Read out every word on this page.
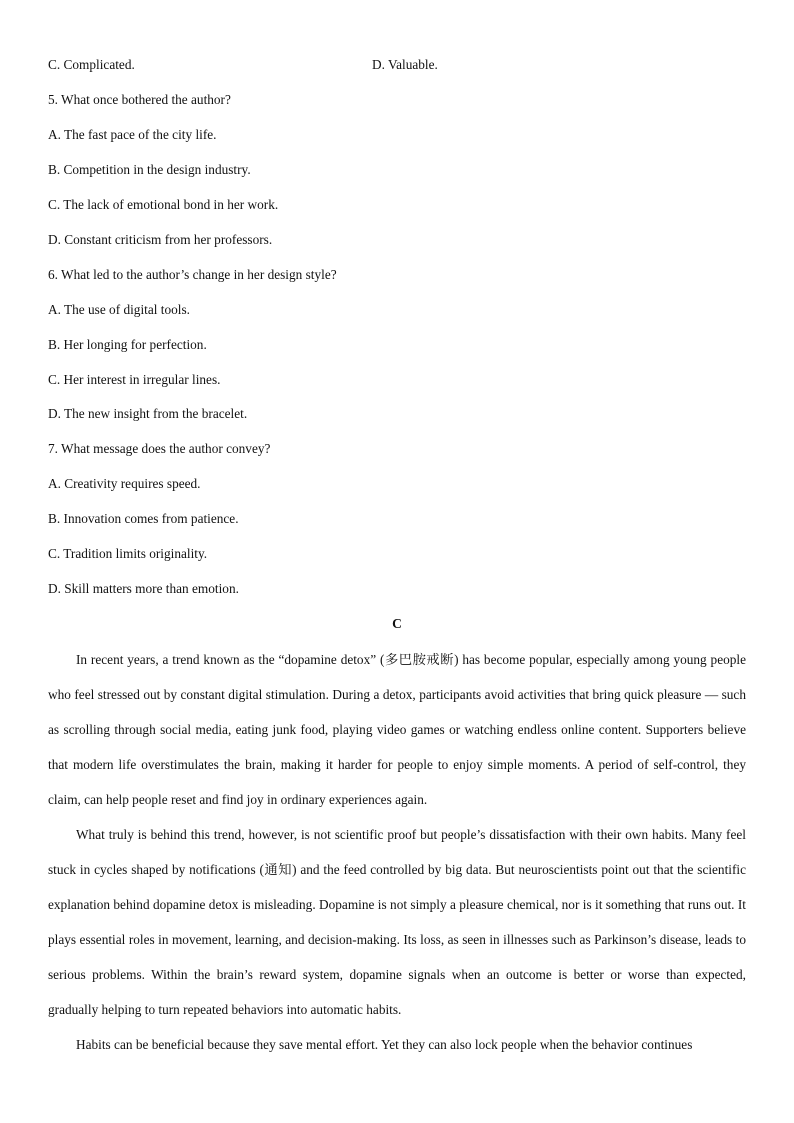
C. Complicated.	D. Valuable.
5. What once bothered the author?
A. The fast pace of the city life.
B. Competition in the design industry.
C. The lack of emotional bond in her work.
D. Constant criticism from her professors.
6. What led to the author’s change in her design style?
A. The use of digital tools.
B. Her longing for perfection.
C. Her interest in irregular lines.
D. The new insight from the bracelet.
7. What message does the author convey?
A. Creativity requires speed.
B. Innovation comes from patience.
C. Tradition limits originality.
D. Skill matters more than emotion.
C

In recent years, a trend known as the “dopamine detox” (多巴胺戒断) has become popular, especially among young people who feel stressed out by constant digital stimulation. During a detox, participants avoid activities that bring quick pleasure — such as scrolling through social media, eating junk food, playing video games or watching endless online content. Supporters believe that modern life overstimulates the brain, making it harder for people to enjoy simple moments. A period of self-control, they claim, can help people reset and find joy in ordinary experiences again.

What truly is behind this trend, however, is not scientific proof but people’s dissatisfaction with their own habits. Many feel stuck in cycles shaped by notifications (通知) and the feed controlled by big data. But neuroscientists point out that the scientific explanation behind dopamine detox is misleading. Dopamine is not simply a pleasure chemical, nor is it something that runs out. It plays essential roles in movement, learning, and decision-making. Its loss, as seen in illnesses such as Parkinson’s disease, leads to serious problems. Within the brain’s reward system, dopamine signals when an outcome is better or worse than expected, gradually helping to turn repeated behaviors into automatic habits.

Habits can be beneficial because they save mental effort. Yet they can also lock people when the behavior continues
